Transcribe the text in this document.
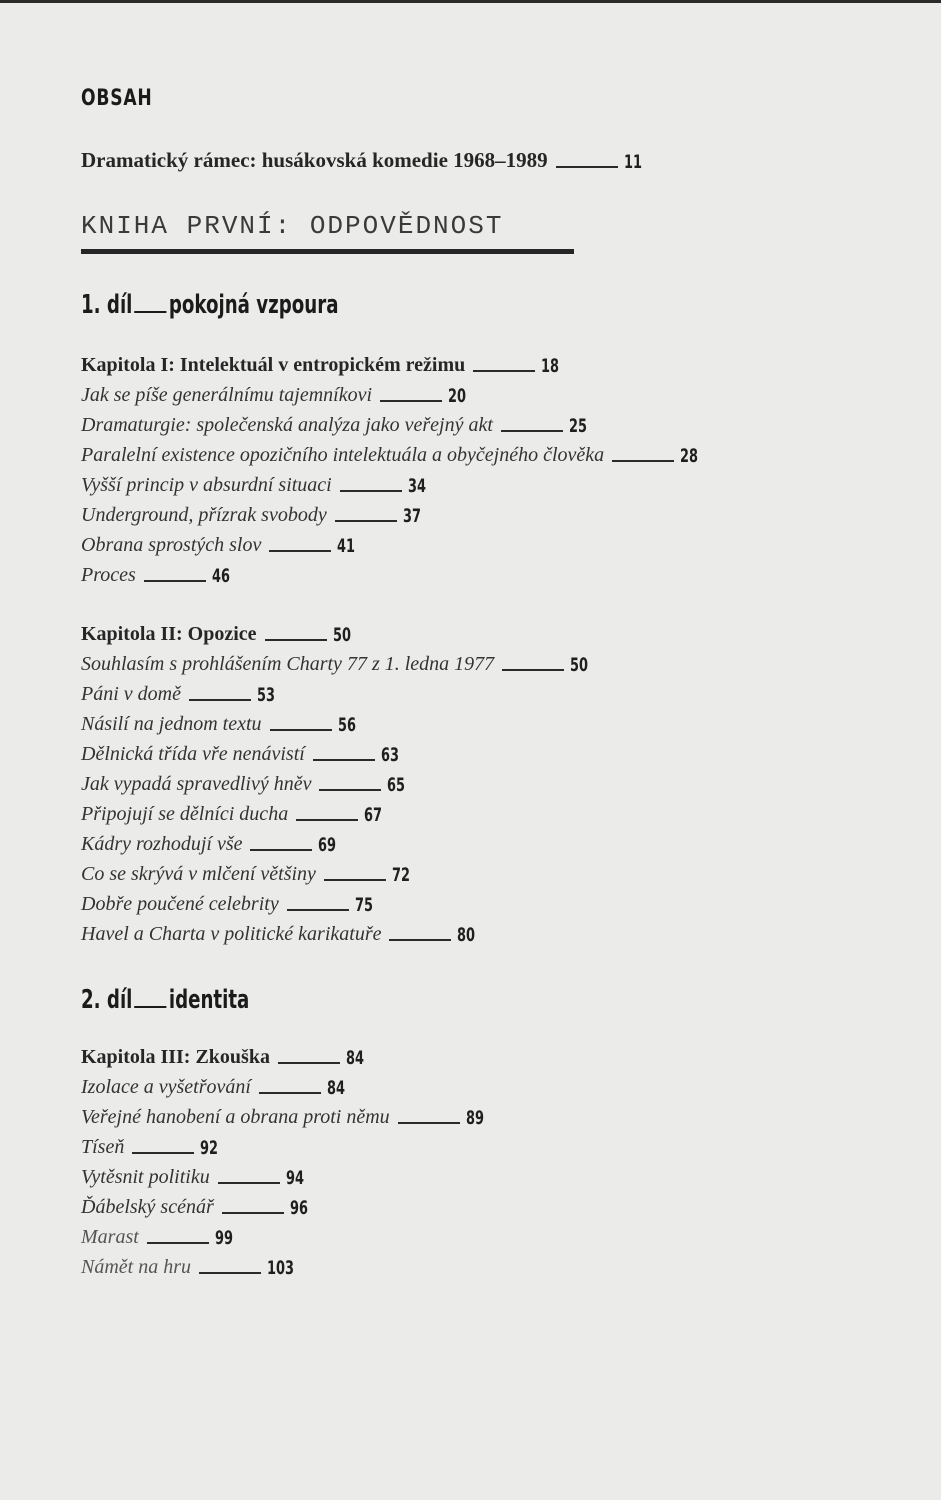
OBSAH
Dramatický rámec: husákovská komedie 1968–1989	11
KNIHA PRVNÍ: ODPOVĚDNOST
1. díl pokojná vzpoura
Kapitola I: Intelektuál v entropickém režimu	18
Jak se píše generálnímu tajemníkovi	20
Dramaturgie: společenská analýza jako veřejný akt	25
Paralelní existence opozičního intelektuála a obyčejného člověka	28
Vyšší princip v absurdní situaci	34
Underground, přízrak svobody	37
Obrana sprostých slov	41
Proces	46
Kapitola II: Opozice	50
Souhlasím s prohlášením Charty 77 z 1. ledna 1977	50
Páni v domě	53
Násilí na jednom textu	56
Dělnická třída vře nenávistí	63
Jak vypadá spravedlivý hněv	65
Připojují se dělníci ducha	67
Kádry rozhodují vše	69
Co se skrývá v mlčení většiny	72
Dobře poučené celebrity	75
Havel a Charta v politické karikatuře	80
2. díl identita
Kapitola III: Zkouška	84
Izolace a vyšetřování	84
Veřejné hanobení a obrana proti němu	89
Tíseň	92
Vytěsnit politiku	94
Ďábelský scénář	96
Marast	99
Námět na hru	103
